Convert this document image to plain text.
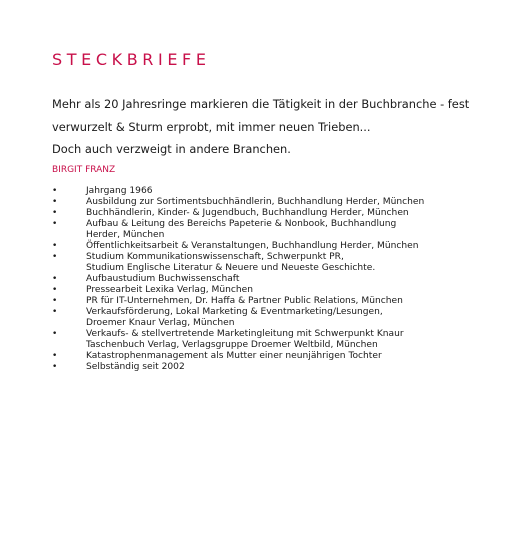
STECKBRIEFE
Mehr als 20 Jahresringe markieren die Tätigkeit in der Buchbranche - fest
verwurzelt & Sturm erprobt, mit immer neuen Trieben...
Doch auch verzweigt in andere Branchen.
BIRGIT FRANZ
•	Jahrgang 1966
•	Ausbildung zur Sortimentsbuchhändlerin, Buchhandlung Herder, München
•	Buchhändlerin, Kinder- & Jugendbuch, Buchhandlung Herder, München
•	Aufbau & Leitung des Bereichs Papeterie & Nonbook, Buchhandlung
Herder, München
•	Öffentlichkeitsarbeit & Veranstaltungen, Buchhandlung Herder, München
•	Studium Kommunikationswissenschaft, Schwerpunkt PR,
Studium Englische Literatur & Neuere und Neueste Geschichte.
•	Aufbaustudium Buchwissenschaft
•	Pressearbeit Lexika Verlag, München
•	PR für IT-Unternehmen, Dr. Haffa & Partner Public Relations, München
•	Verkaufsförderung, Lokal Marketing & Eventmarketing/Lesungen,
Droemer Knaur Verlag, München
•	Verkaufs- & stellvertretende Marketingleitung mit Schwerpunkt Knaur
Taschenbuch Verlag, Verlagsgruppe Droemer Weltbild, München
•	Katastrophenmanagement als Mutter einer neunjährigen Tochter
•	Selbständig seit 2002
